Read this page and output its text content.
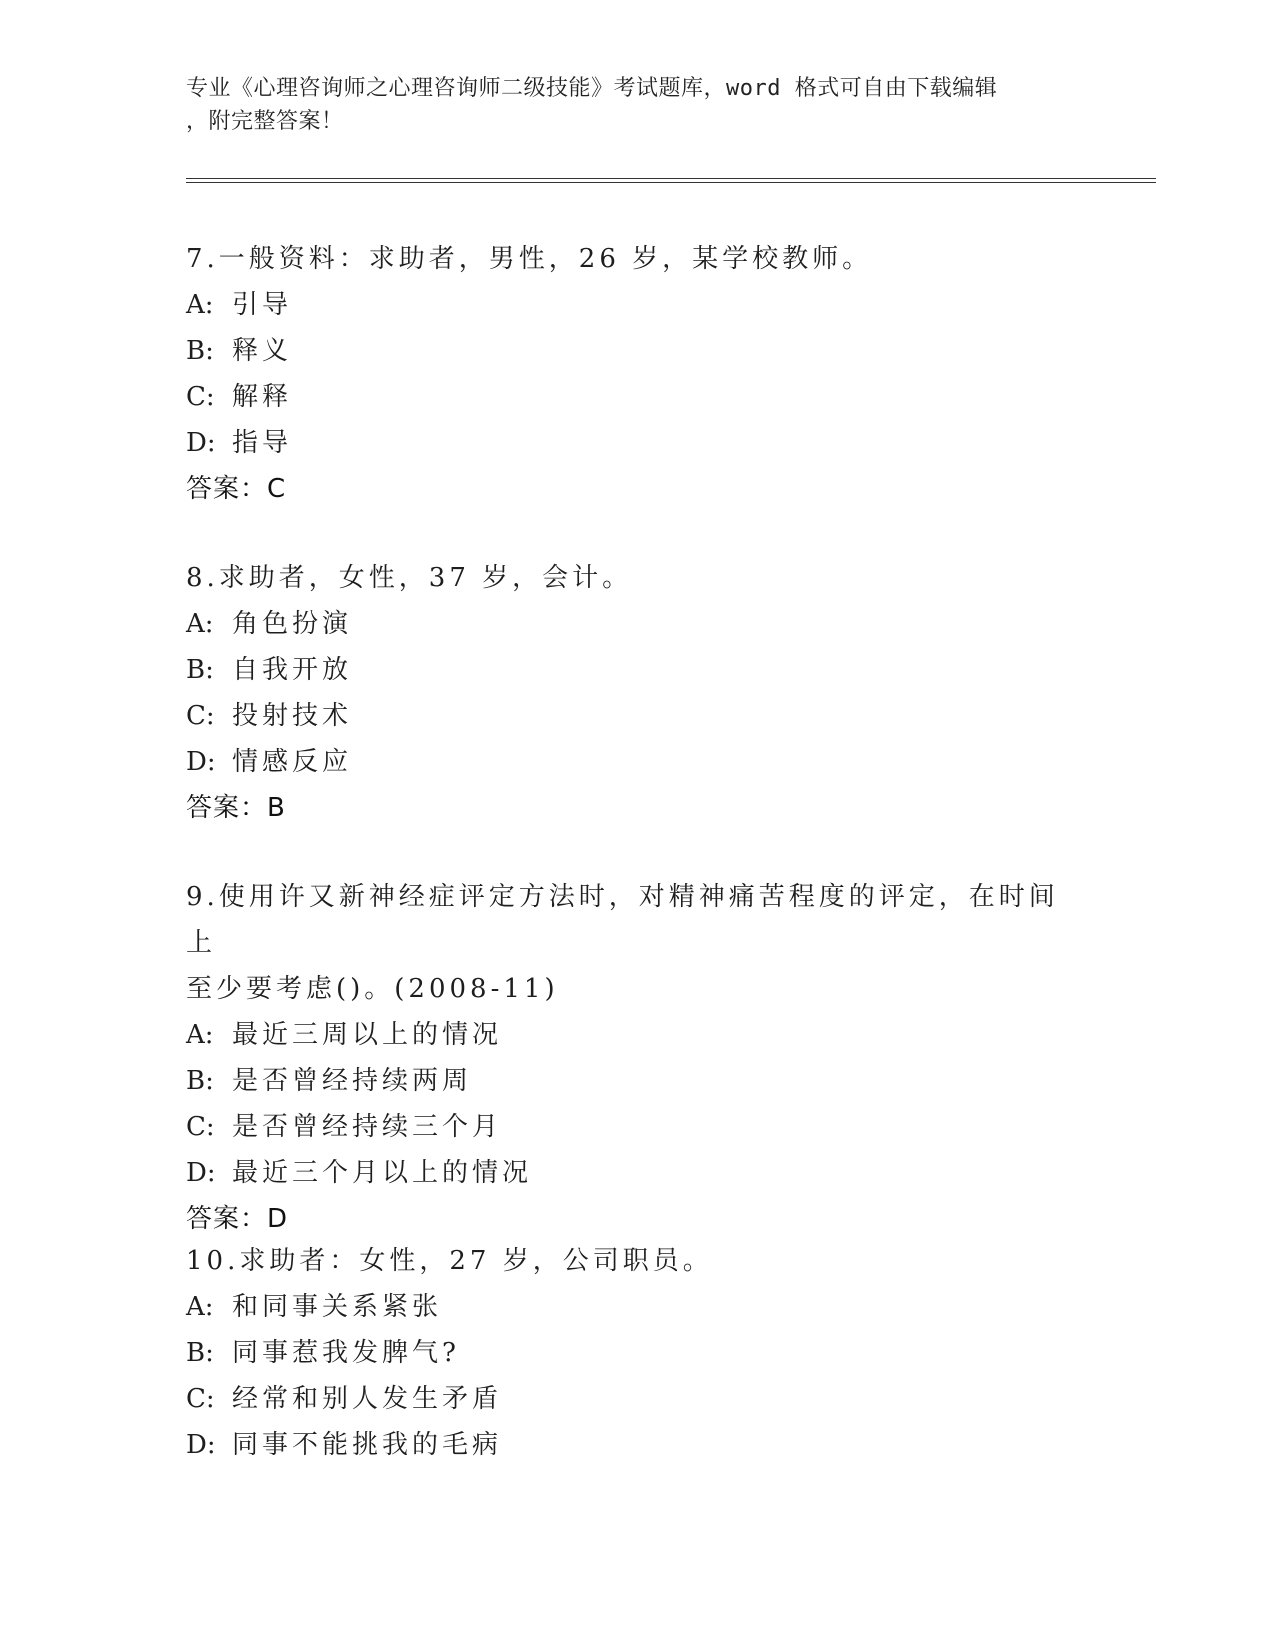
专业《心理咨询师之心理咨询师二级技能》考试题库，word 格式可自由下载编辑
，附完整答案！
7.一般资料：求助者，男性，26 岁，某学校教师。
A: 引导
B: 释义
C: 解释
D: 指导
答案：C
8.求助者，女性，37 岁，会计。
A: 角色扮演
B: 自我开放
C: 投射技术
D: 情感反应
答案：B
9.使用许又新神经症评定方法时，对精神痛苦程度的评定，在时间上
至少要考虑()。(2008-11)
A: 最近三周以上的情况
B: 是否曾经持续两周
C: 是否曾经持续三个月
D: 最近三个月以上的情况
答案：D
10.求助者：女性，27 岁，公司职员。
A: 和同事关系紧张
B: 同事惹我发脾气?
C: 经常和别人发生矛盾
D: 同事不能挑我的毛病
